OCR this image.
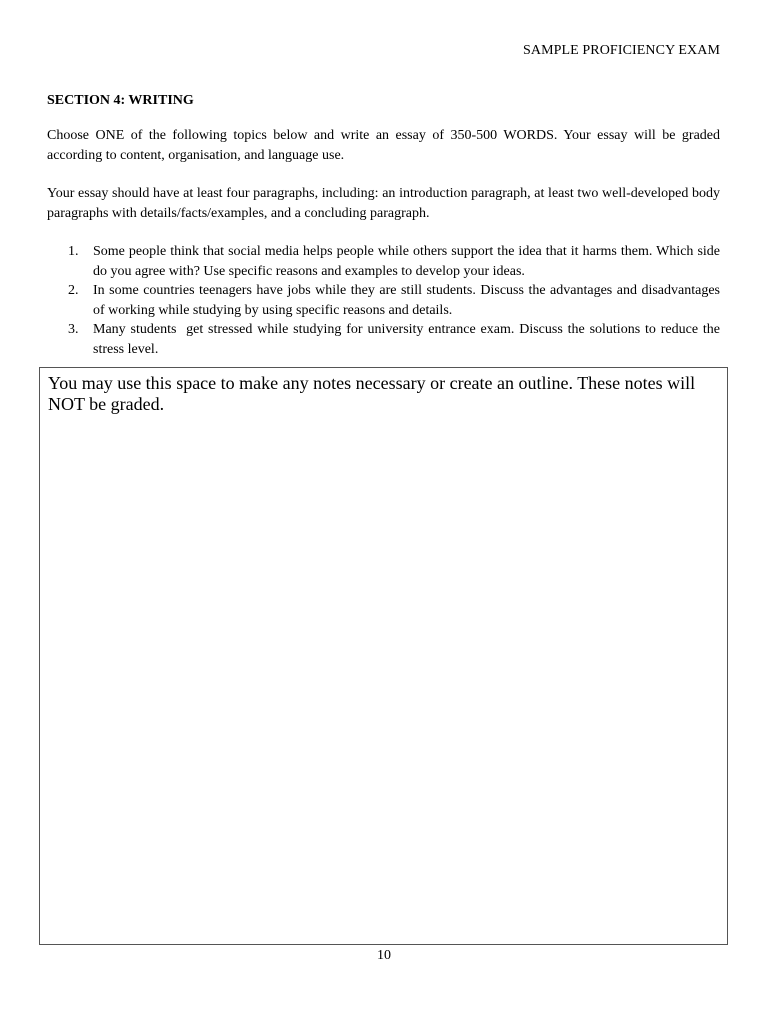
SAMPLE PROFICIENCY EXAM
SECTION 4: WRITING

Choose ONE of the following topics below and write an essay of 350-500 WORDS. Your essay will be graded according to content, organisation, and language use.

Your essay should have at least four paragraphs, including: an introduction paragraph, at least two well-developed body paragraphs with details/facts/examples, and a concluding paragraph.

1. Some people think that social media helps people while others support the idea that it harms them. Which side do you agree with? Use specific reasons and examples to develop your ideas.
2. In some countries teenagers have jobs while they are still students. Discuss the advantages and disadvantages of working while studying by using specific reasons and details.
3. Many students  get stressed while studying for university entrance exam. Discuss the solutions to reduce the stress level.
You may use this space to make any notes necessary or create an outline. These notes will NOT be graded.
10
